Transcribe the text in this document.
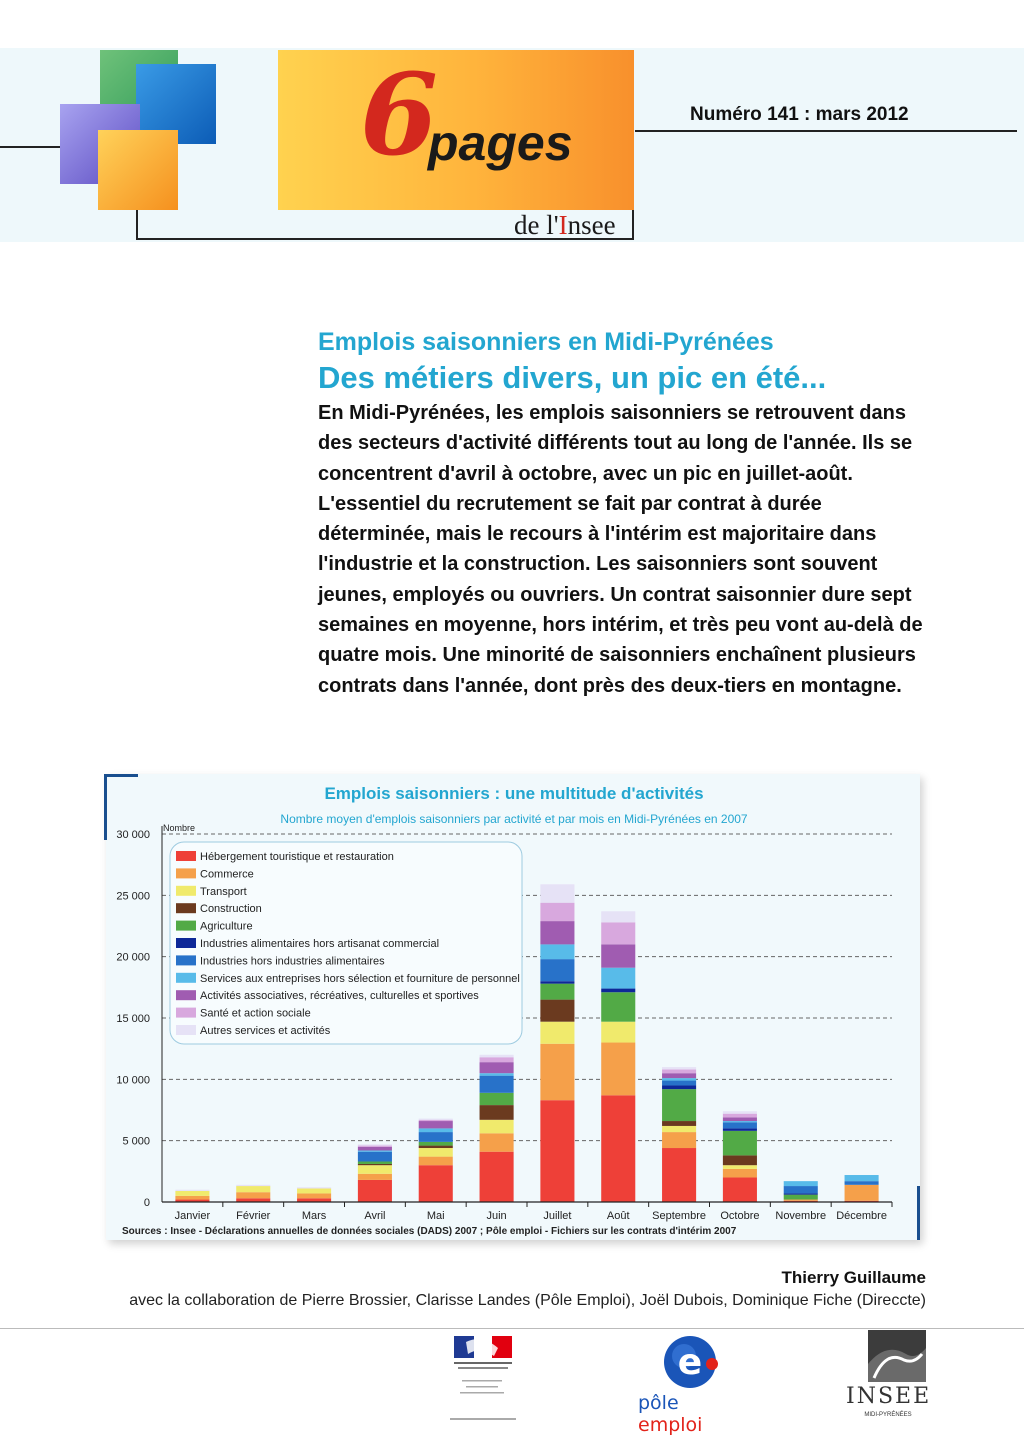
6
pages
de l'Insee
Numéro 141 : mars 2012
Emplois saisonniers en Midi-Pyrénées
Des métiers divers, un pic en été...

En Midi-Pyrénées, les emplois saisonniers se retrouvent dans des secteurs d'activité différents tout au long de l'année. Ils se concentrent d'avril à octobre, avec un pic en juillet-août. L'essentiel du recrutement se fait par contrat à durée déterminée, mais le recours à l'intérim est majoritaire dans l'industrie et la construction. Les saisonniers sont souvent jeunes, employés ou ouvriers. Un contrat saisonnier dure sept semaines en moyenne, hors intérim, et très peu vont au-delà de quatre mois. Une minorité de saisonniers enchaînent plusieurs contrats dans l'année, dont près des deux-tiers en montagne.

Emplois saisonniers : une multitude d'activités
Nombre moyen d'emplois saisonniers par activité et par mois en Midi-Pyrénées en 2007
Nombre
0
5 000
10 000
15 000
20 000
25 000
30 000
Janvier Février	Mars	Avril	Mai	Juin	Juillet	Août Septembre Octobre Novembre Décembre
Hébergement touristique et restauration
Commerce
Transport
Construction
Agriculture
Industries alimentaires hors artisanat commercial
Industries hors industries alimentaires
Services aux entreprises hors sélection et fourniture de personnel
Activités associatives, récréatives, culturelles et sportives
Santé et action sociale
Autres services et activités
Sources : Insee - Déclarations annuelles de données sociales (DADS) 2007 ; Pôle emploi - Fichiers sur les contrats d'intérim 2007
Thierry Guillaume
avec la collaboration de Pierre Brossier, Clarisse Landes (Pôle Emploi), Joël Dubois, Dominique Fiche (Direccte)
e
pôle emploi
INSEE
MIDI-PYRÉNÉES
